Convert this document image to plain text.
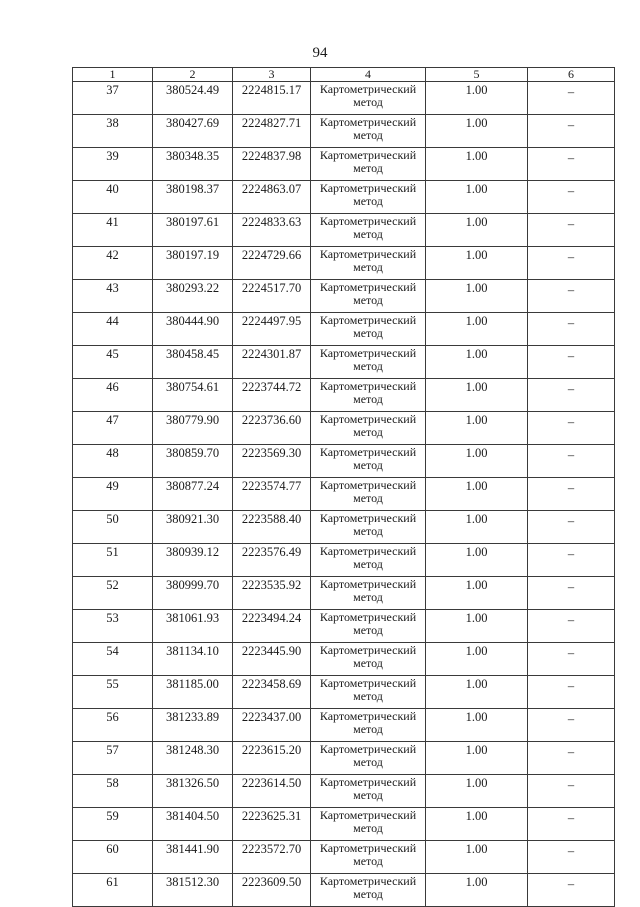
94
1	2	3	4	5	6
37	380524.49	2224815.17	Картометрический метод	1.00	–
38	380427.69	2224827.71	Картометрический метод	1.00	–
39	380348.35	2224837.98	Картометрический метод	1.00	–
40	380198.37	2224863.07	Картометрический метод	1.00	–
41	380197.61	2224833.63	Картометрический метод	1.00	–
42	380197.19	2224729.66	Картометрический метод	1.00	–
43	380293.22	2224517.70	Картометрический метод	1.00	–
44	380444.90	2224497.95	Картометрический метод	1.00	–
45	380458.45	2224301.87	Картометрический метод	1.00	–
46	380754.61	2223744.72	Картометрический метод	1.00	–
47	380779.90	2223736.60	Картометрический метод	1.00	–
48	380859.70	2223569.30	Картометрический метод	1.00	–
49	380877.24	2223574.77	Картометрический метод	1.00	–
50	380921.30	2223588.40	Картометрический метод	1.00	–
51	380939.12	2223576.49	Картометрический метод	1.00	–
52	380999.70	2223535.92	Картометрический метод	1.00	–
53	381061.93	2223494.24	Картометрический метод	1.00	–
54	381134.10	2223445.90	Картометрический метод	1.00	–
55	381185.00	2223458.69	Картометрический метод	1.00	–
56	381233.89	2223437.00	Картометрический метод	1.00	–
57	381248.30	2223615.20	Картометрический метод	1.00	–
58	381326.50	2223614.50	Картометрический метод	1.00	–
59	381404.50	2223625.31	Картометрический метод	1.00	–
60	381441.90	2223572.70	Картометрический метод	1.00	–
61	381512.30	2223609.50	Картометрический метод	1.00	–
